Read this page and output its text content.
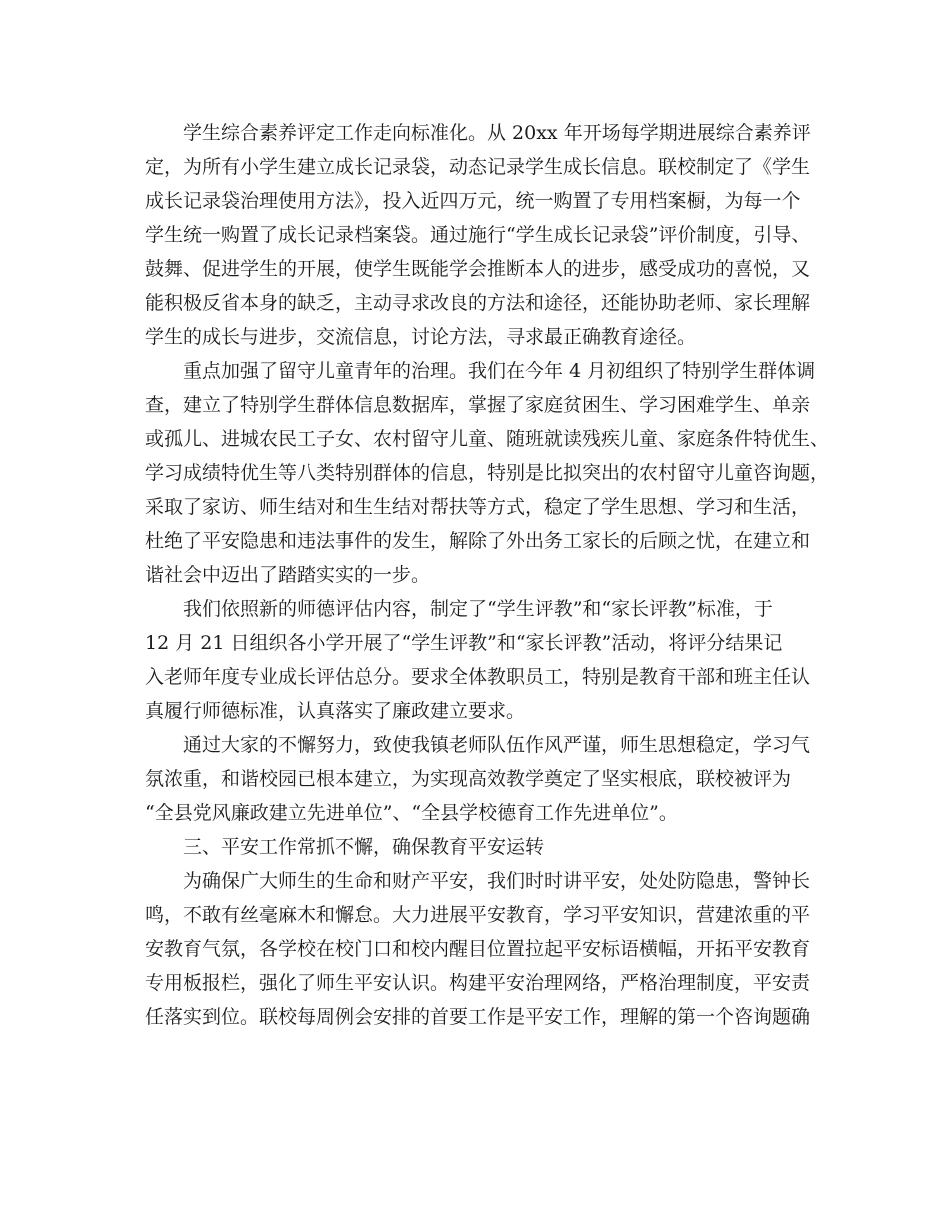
学生综合素养评定工作走向标准化。从 20xx 年开场每学期进展综合素养评
定，为所有小学生建立成长记录袋，动态记录学生成长信息。联校制定了《学生
成长记录袋治理使用方法》，投入近四万元，统一购置了专用档案橱，为每一个
学生统一购置了成长记录档案袋。通过施行“学生成长记录袋”评价制度，引导、
鼓舞、促进学生的开展，使学生既能学会推断本人的进步，感受成功的喜悦，又
能积极反省本身的缺乏，主动寻求改良的方法和途径，还能协助老师、家长理解
学生的成长与进步，交流信息，讨论方法，寻求最正确教育途径。
重点加强了留守儿童青年的治理。我们在今年 4 月初组织了特别学生群体调
查，建立了特别学生群体信息数据库，掌握了家庭贫困生、学习困难学生、单亲
或孤儿、进城农民工子女、农村留守儿童、随班就读残疾儿童、家庭条件特优生、
学习成绩特优生等八类特别群体的信息，特别是比拟突出的农村留守儿童咨询题，
采取了家访、师生结对和生生结对帮扶等方式，稳定了学生思想、学习和生活，
杜绝了平安隐患和违法事件的发生，解除了外出务工家长的后顾之忧，在建立和
谐社会中迈出了踏踏实实的一步。
我们依照新的师德评估内容，制定了“学生评教”和“家长评教”标准，于
12 月 21 日组织各小学开展了“学生评教”和“家长评教”活动，将评分结果记
入老师年度专业成长评估总分。要求全体教职员工，特别是教育干部和班主任认
真履行师德标准，认真落实了廉政建立要求。
通过大家的不懈努力，致使我镇老师队伍作风严谨，师生思想稳定，学习气
氛浓重，和谐校园已根本建立，为实现高效教学奠定了坚实根底，联校被评为
“全县党风廉政建立先进单位”、“全县学校德育工作先进单位”。
三、平安工作常抓不懈，确保教育平安运转
为确保广大师生的生命和财产平安，我们时时讲平安，处处防隐患，警钟长
鸣，不敢有丝毫麻木和懈怠。大力进展平安教育，学习平安知识，营建浓重的平
安教育气氛，各学校在校门口和校内醒目位置拉起平安标语横幅，开拓平安教育
专用板报栏，强化了师生平安认识。构建平安治理网络，严格治理制度，平安责
任落实到位。联校每周例会安排的首要工作是平安工作，理解的第一个咨询题确
